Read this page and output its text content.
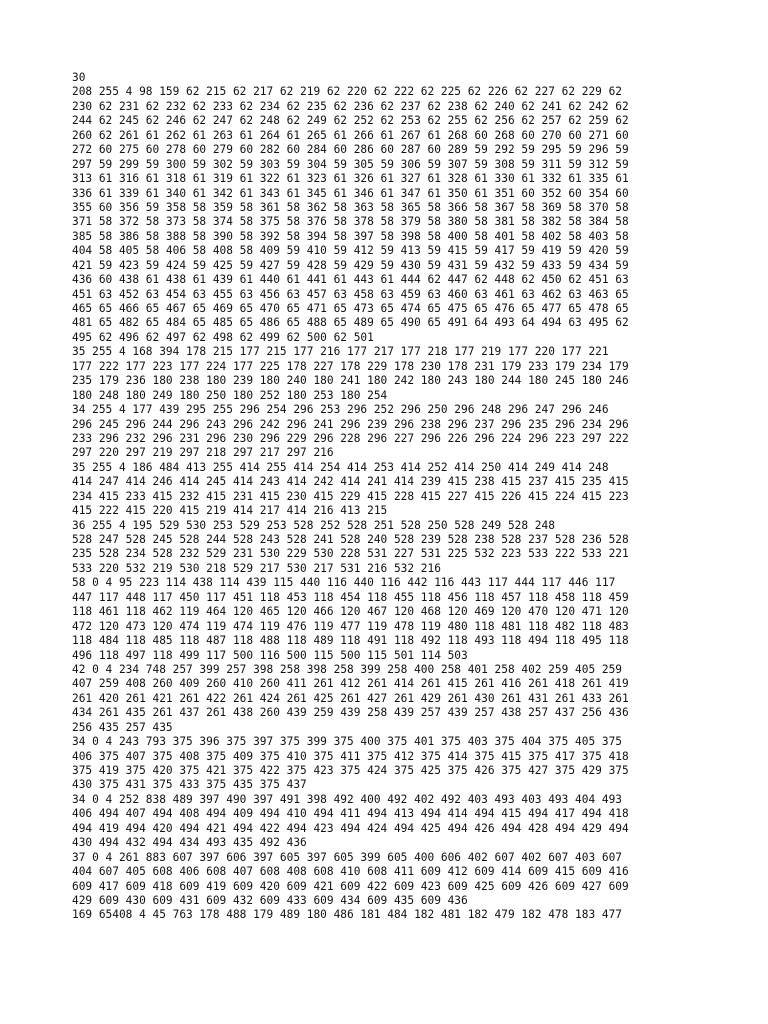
30
208 255 4 98 159 62 215 62 217 62 219 62 220 62 222 62 225 62 226 62 227 62 229 62
230 62 231 62 232 62 233 62 234 62 235 62 236 62 237 62 238 62 240 62 241 62 242 62
244 62 245 62 246 62 247 62 248 62 249 62 252 62 253 62 255 62 256 62 257 62 259 62
260 62 261 61 262 61 263 61 264 61 265 61 266 61 267 61 268 60 268 60 270 60 271 60
272 60 275 60 278 60 279 60 282 60 284 60 286 60 287 60 289 59 292 59 295 59 296 59
297 59 299 59 300 59 302 59 303 59 304 59 305 59 306 59 307 59 308 59 311 59 312 59
313 61 316 61 318 61 319 61 322 61 323 61 326 61 327 61 328 61 330 61 332 61 335 61
336 61 339 61 340 61 342 61 343 61 345 61 346 61 347 61 350 61 351 60 352 60 354 60
355 60 356 59 358 58 359 58 361 58 362 58 363 58 365 58 366 58 367 58 369 58 370 58
371 58 372 58 373 58 374 58 375 58 376 58 378 58 379 58 380 58 381 58 382 58 384 58
385 58 386 58 388 58 390 58 392 58 394 58 397 58 398 58 400 58 401 58 402 58 403 58
404 58 405 58 406 58 408 58 409 59 410 59 412 59 413 59 415 59 417 59 419 59 420 59
421 59 423 59 424 59 425 59 427 59 428 59 429 59 430 59 431 59 432 59 433 59 434 59
436 60 438 61 438 61 439 61 440 61 441 61 443 61 444 62 447 62 448 62 450 62 451 63
451 63 452 63 454 63 455 63 456 63 457 63 458 63 459 63 460 63 461 63 462 63 463 65
465 65 466 65 467 65 469 65 470 65 471 65 473 65 474 65 475 65 476 65 477 65 478 65
481 65 482 65 484 65 485 65 486 65 488 65 489 65 490 65 491 64 493 64 494 63 495 62
495 62 496 62 497 62 498 62 499 62 500 62 501
35 255 4 168 394 178 215 177 215 177 216 177 217 177 218 177 219 177 220 177 221
177 222 177 223 177 224 177 225 178 227 178 229 178 230 178 231 179 233 179 234 179
235 179 236 180 238 180 239 180 240 180 241 180 242 180 243 180 244 180 245 180 246
180 248 180 249 180 250 180 252 180 253 180 254
34 255 4 177 439 295 255 296 254 296 253 296 252 296 250 296 248 296 247 296 246
296 245 296 244 296 243 296 242 296 241 296 239 296 238 296 237 296 235 296 234 296
233 296 232 296 231 296 230 296 229 296 228 296 227 296 226 296 224 296 223 297 222
297 220 297 219 297 218 297 217 297 216
35 255 4 186 484 413 255 414 255 414 254 414 253 414 252 414 250 414 249 414 248
414 247 414 246 414 245 414 243 414 242 414 241 414 239 415 238 415 237 415 235 415
234 415 233 415 232 415 231 415 230 415 229 415 228 415 227 415 226 415 224 415 223
415 222 415 220 415 219 414 217 414 216 413 215
36 255 4 195 529 530 253 529 253 528 252 528 251 528 250 528 249 528 248
528 247 528 245 528 244 528 243 528 241 528 240 528 239 528 238 528 237 528 236 528
235 528 234 528 232 529 231 530 229 530 228 531 227 531 225 532 223 533 222 533 221
533 220 532 219 530 218 529 217 530 217 531 216 532 216
58 0 4 95 223 114 438 114 439 115 440 116 440 116 442 116 443 117 444 117 446 117
447 117 448 117 450 117 451 118 453 118 454 118 455 118 456 118 457 118 458 118 459
118 461 118 462 119 464 120 465 120 466 120 467 120 468 120 469 120 470 120 471 120
472 120 473 120 474 119 474 119 476 119 477 119 478 119 480 118 481 118 482 118 483
118 484 118 485 118 487 118 488 118 489 118 491 118 492 118 493 118 494 118 495 118
496 118 497 118 499 117 500 116 500 115 500 115 501 114 503
42 0 4 234 748 257 399 257 398 258 398 258 399 258 400 258 401 258 402 259 405 259
407 259 408 260 409 260 410 260 411 261 412 261 414 261 415 261 416 261 418 261 419
261 420 261 421 261 422 261 424 261 425 261 427 261 429 261 430 261 431 261 433 261
434 261 435 261 437 261 438 260 439 259 439 258 439 257 439 257 438 257 437 256 436
256 435 257 435
34 0 4 243 793 375 396 375 397 375 399 375 400 375 401 375 403 375 404 375 405 375
406 375 407 375 408 375 409 375 410 375 411 375 412 375 414 375 415 375 417 375 418
375 419 375 420 375 421 375 422 375 423 375 424 375 425 375 426 375 427 375 429 375
430 375 431 375 433 375 435 375 437
34 0 4 252 838 489 397 490 397 491 398 492 400 492 402 492 403 493 403 493 404 493
406 494 407 494 408 494 409 494 410 494 411 494 413 494 414 494 415 494 417 494 418
494 419 494 420 494 421 494 422 494 423 494 424 494 425 494 426 494 428 494 429 494
430 494 432 494 434 493 435 492 436
37 0 4 261 883 607 397 606 397 605 397 605 399 605 400 606 402 607 402 607 403 607
404 607 405 608 406 608 407 608 408 608 410 608 411 609 412 609 414 609 415 609 416
609 417 609 418 609 419 609 420 609 421 609 422 609 423 609 425 609 426 609 427 609
429 609 430 609 431 609 432 609 433 609 434 609 435 609 436
169 65408 4 45 763 178 488 179 489 180 486 181 484 182 481 182 479 182 478 183 477
